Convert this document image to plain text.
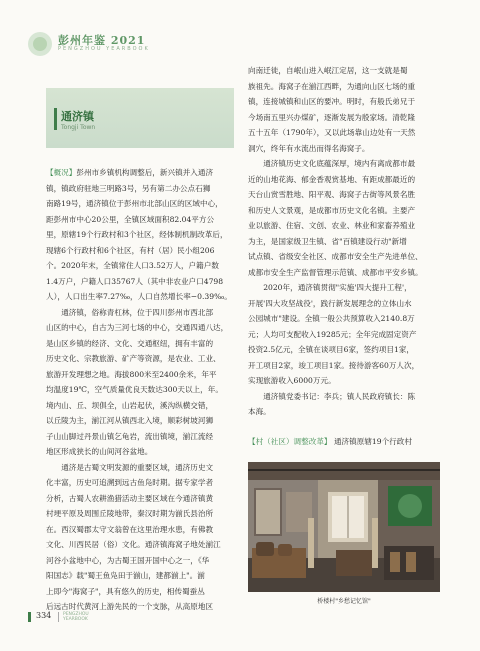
彭州年鉴 2021
PENGZHOU YEARBOOK
通济镇
Tongji Town

【概况】彭州市乡镇机构调整后，新兴镇并入通济

镇，镇政府驻地三明路3号，另有第二办公点石狮

南路19号，通济镇位于彭州市北部山区的区域中心，

距彭州市中心20公里，全镇区域面积82.04平方公

里，原辖19个行政村和3个社区，经体制机制改革后，

现辖6个行政村和6个社区，有村（居）民小组206

个。2020年末，全镇常住人口3.52万人，户籍户数

1.4万户，户籍人口35767人（其中非农业户口4798

人），人口出生率7.27‰，人口自然增长率−0.39‰。

通济镇，俗称青杠林，位于四川彭州市西北部

山区的中心，自古为三河七场的中心，交通四通八达，

是山区乡镇的经济、文化、交通枢纽，拥有丰富的

历史文化、宗教旅游、矿产等资源，是农业、工业、

旅游开发理想之地。海拔800米至2400余米，年平

均温度19℃，空气质量优良天数达300天以上，年。

境内山、丘、坝俱全，山岩起伏，溪沟纵横交错，

以丘陵为主，湔江河从镇西北入境，顺彩树坡河狮

子山山脚过丹景山镇乞龟岩，流出镇境，湔江流经

地区形成狭长的山间河谷盆地。

通济是古蜀文明发源的重要区域，通济历史文

化丰富，历史可追溯到远古鱼凫时期。据专家学者

分析，古蜀人农耕渔猎活动主要区域在今通济镇黄

村埂平原及周围丘陵地带，秦汉时期为湔氏县治所

在。西汉蜀郡太守文翁曾在这里治理水患，有佛教

文化、川西民居（俗）文化。通济镇海窝子地处湔江

河谷小盆地中心，为古蜀王国开国中心之一，《华

阳国志》载"蜀王鱼凫田于湔山，建都湔上"。湔

上即今"海窝子"，具有悠久的历史，相传蜀蚕丛

后远古时代黄河上游先民的一个支脉，从高原地区

向南迁徙，自岷山进入岷江定居，这一支就是蜀

族祖先。海窝子在湔江西畔，为通向山区七场的重

镇，连接城镇和山区的要冲。明时，有般氏弟兄于

今场南五里兴办煤矿，逐渐发展为殷家场。清乾隆

五十五年（1790年），又以此场靠山边处有一天然

洞穴，终年有水流出而得名海窝子。

通济镇历史文化底蕴深厚，境内有离成都市最

近的山地花海、郁金香观赏基地、有距成都最近的

天台山赏雪胜地、阳平观、海窝子古街等风景名胜

和历史人文景观，是成都市历史文化名镇。主要产

业以旅游、住宿、文创、农业、林业和家畜养殖业

为主，是国家级卫生镇、省"百镇建设行动"新增

试点镇、省级安全社区、成都市安全生产先进单位、

成都市安全生产监督管理示范镇、成都市平安乡镇。

2020年，通济镇贯彻"实施'四大提升工程'，

开展'四大攻坚战役'，践行新发展理念的立体山水

公园城市"建设。全镇一般公共预算收入2140.8万

元；人均可支配收入19285元；全年完成固定资产

投资2.5亿元，全镇在谈项目6家，签约项目1家，

开工项目2家，竣工项目1家。接待游客60万人次，

实现旅游收入6000万元。

通济镇党委书记：李兵；镇人民政府镇长：陈

本海。

【村（社区）调整改革】 通济镇原辖19个行政村
桥楼村"乡愁记忆馆"
334	PENGZHOU
YEARBOOK
